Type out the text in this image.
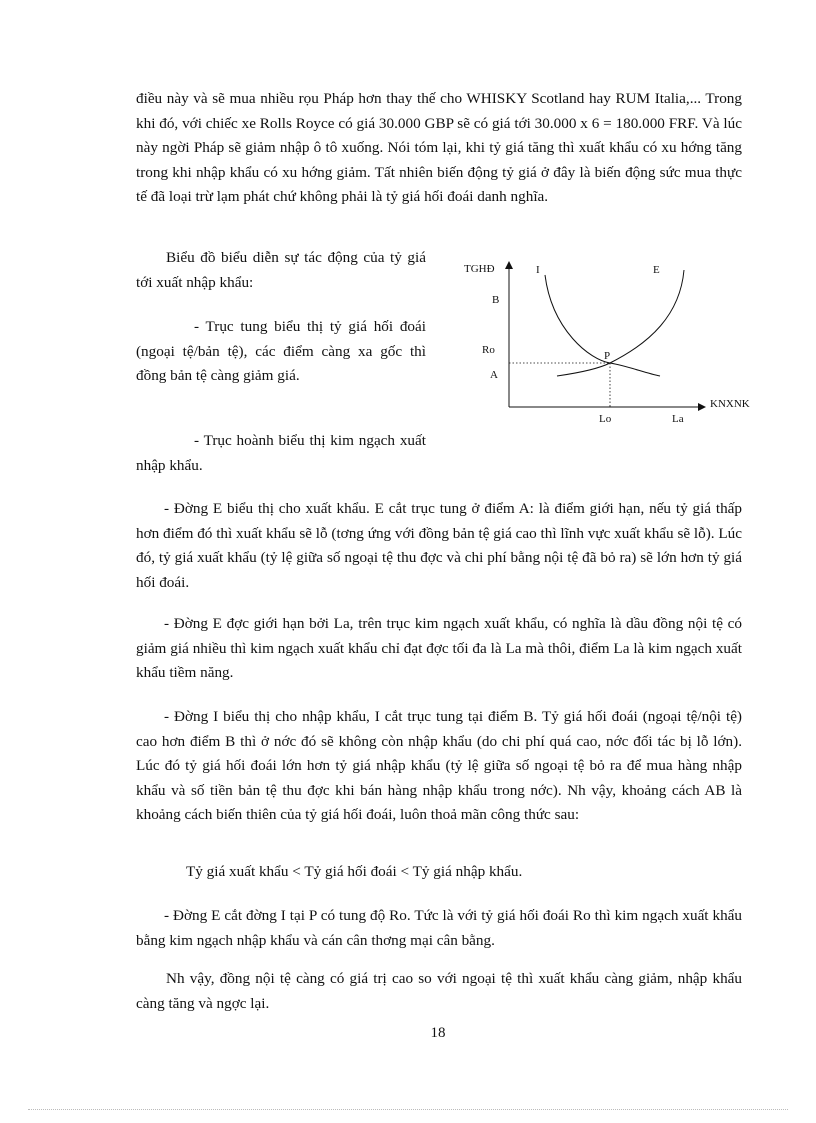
điều này và sẽ mua nhiều rọu Pháp hơn thay thế cho WHISKY Scotland hay RUM Italia,... Trong khi đó, với chiếc xe Rolls Royce có giá 30.000 GBP sẽ có giá tới 30.000 x 6 = 180.000 FRF. Và lúc này ngời Pháp sẽ giảm nhập ô tô xuống. Nói tóm lại, khi tỷ giá tăng thì xuất khẩu có xu hớng tăng trong khi nhập khẩu có xu hớng giảm. Tất nhiên biến động tỷ giá ở đây là biến động sức mua thực tế đã loại trừ lạm phát chứ không phải là tỷ giá hối đoái danh nghĩa.

Biểu đồ biểu diễn sự tác động của tỷ giá tới xuất nhập khẩu:

- Trục tung biểu thị tỷ giá hối đoái (ngoại tệ/bản tệ), các điểm càng xa gốc thì đồng bản tệ càng giảm giá.

- Trục hoành biểu thị kim ngạch xuất nhập khẩu.

TGHĐ
KNXNK
B
Ro
A
Lo	La
I	E
P

- Đờng E biểu thị cho xuất khẩu. E cắt trục tung ở điểm A: là điểm giới hạn, nếu tỷ giá thấp hơn điểm đó thì xuất khẩu sẽ lỗ (tơng ứng với đồng bản tệ giá cao thì lĩnh vực xuất khẩu sẽ lỗ). Lúc đó, tỷ giá xuất khẩu (tỷ lệ giữa số ngoại tệ thu đợc và chi phí bằng nội tệ đã bỏ ra) sẽ lớn hơn tỷ giá hối đoái.

- Đờng E đợc giới hạn bởi La, trên trục kim ngạch xuất khẩu, có nghĩa là dầu đồng nội tệ có giảm giá nhiều thì kim ngạch xuất khẩu chỉ đạt đợc tối đa là La mà thôi, điểm La là kim ngạch xuất khẩu tiềm năng.

- Đờng I biểu thị cho nhập khẩu, I cắt trục tung tại điểm B. Tỷ giá hối đoái (ngoại tệ/nội tệ) cao hơn điểm B thì ở nớc đó sẽ không còn nhập khẩu (do chi phí quá cao, nớc đối tác bị lỗ lớn). Lúc đó tỷ giá hối đoái lớn hơn tỷ giá nhập khẩu (tỷ lệ giữa số ngoại tệ bỏ ra để mua hàng nhập khẩu và số tiền bản tệ thu đợc khi bán hàng nhập khẩu trong nớc). Nh vậy, khoảng cách AB là khoảng cách biến thiên của tỷ giá hối đoái, luôn thoả mãn công thức sau:

Tỷ giá xuất khẩu < Tỷ giá hối đoái < Tỷ giá nhập khẩu.

- Đờng E cắt đờng I tại P có tung độ Ro. Tức là với tỷ giá hối đoái Ro thì kim ngạch xuất khẩu bằng kim ngạch nhập khẩu và cán cân thơng mại cân bằng.

Nh vậy, đồng nội tệ càng có giá trị cao so với ngoại tệ thì xuất khẩu càng giảm, nhập khẩu càng tăng và ngợc lại.

18
